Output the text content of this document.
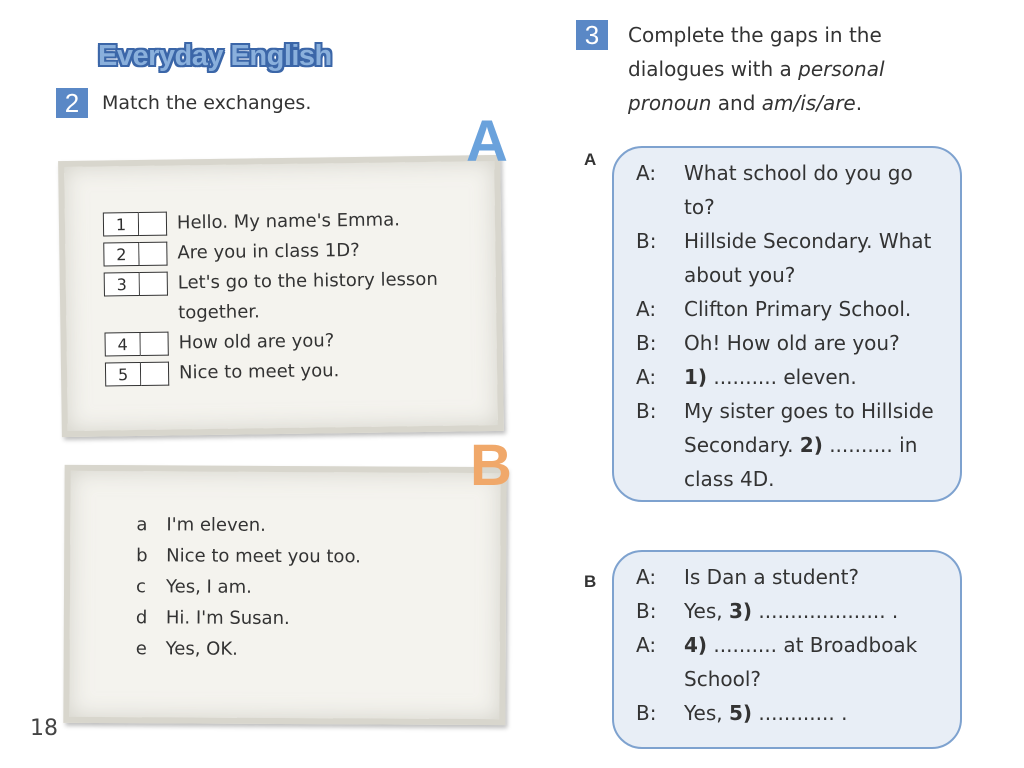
Everyday English
2	Match the exchanges.
1	Hello. My name's Emma.
2	Are you in class 1D?
3	Let's go to the history lesson
together.
4	How old are you?
5	Nice to meet you.
A
a	I'm eleven.
b	Nice to meet you too.
c	Yes, I am.
d	Hi. I'm Susan.
e	Yes, OK.
B
18
3	Complete the gaps in the
dialogues with a personal
pronoun and am/is/are.
A
A:	What school do you go
to?
B:	Hillside Secondary. What
about you?
A:	Clifton Primary School.
B:	Oh! How old are you?
A:	1) .......... eleven.
B:	My sister goes to Hillside
Secondary. 2) .......... in
class 4D.
B A:	Is Dan a student?
B:	Yes, 3) .................... .
A:	4) .......... at Broadboak
School?
B:	Yes, 5) ............ .
